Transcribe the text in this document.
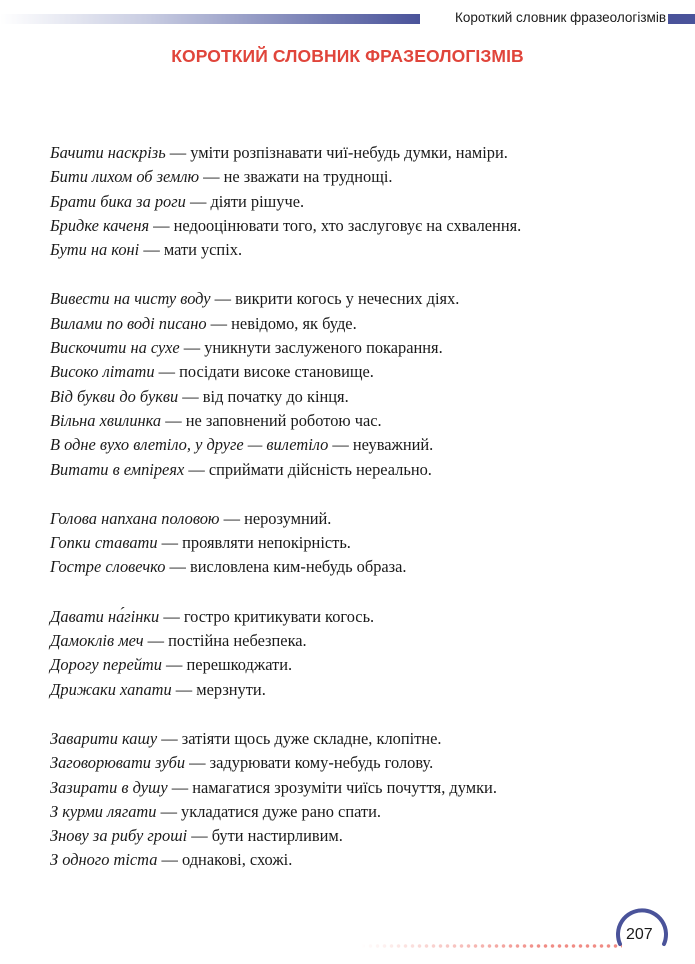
Короткий словник фразеологізмів
КОРОТКИЙ СЛОВНИК ФРАЗЕОЛОГІЗМІВ
Бачити наскрізь — уміти розпізнавати чиї-небудь думки, наміри.
Бити лихом об землю — не зважати на труднощі.
Брати бика за роги — діяти рішуче.
Бридке каченя — недооцінювати того, хто заслуговує на схвалення.
Бути на коні — мати успіх.
Вивести на чисту воду — викрити когось у нечесних діях.
Вилами по воді писано — невідомо, як буде.
Вискочити на сухе — уникнути заслуженого покарання.
Високо літати — посідати високе становище.
Від букви до букви — від початку до кінця.
Вільна хвилинка — не заповнений роботою час.
В одне вухо влетіло, у друге — вилетіло — неуважний.
Витати в емпіреях — сприймати дійсність нереально.
Голова напхана половою — нерозумний.
Гопки ставати — проявляти непокірність.
Гостре словечко — висловлена ким-небудь образа.
Давати на́гінки — гостро критикувати когось.
Дамоклів меч — постійна небезпека.
Дорогу перейти — перешкоджати.
Дрижаки хапати — мерзнути.
Заварити кашу — затіяти щось дуже складне, клопітне.
Заговорювати зуби — задурювати кому-небудь голову.
Зазирати в душу — намагатися зрозуміти чиїсь почуття, думки.
З курми лягати — укладатися дуже рано спати.
Знову за рибу гроші — бути настирливим.
З одного тіста — однакові, схожі.
207
